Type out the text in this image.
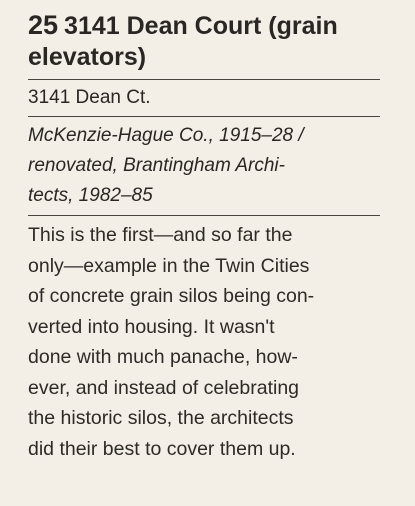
25 3141 Dean Court (grain
elevators)
3141 Dean Ct.
McKenzie-Hague Co., 1915–28 /
renovated, Brantingham Archi-
tects, 1982–85
This is the first—and so far the
only—example in the Twin Cities
of concrete grain silos being con-
verted into housing. It wasn't
done with much panache, how-
ever, and instead of celebrating
the historic silos, the architects
did their best to cover them up.
